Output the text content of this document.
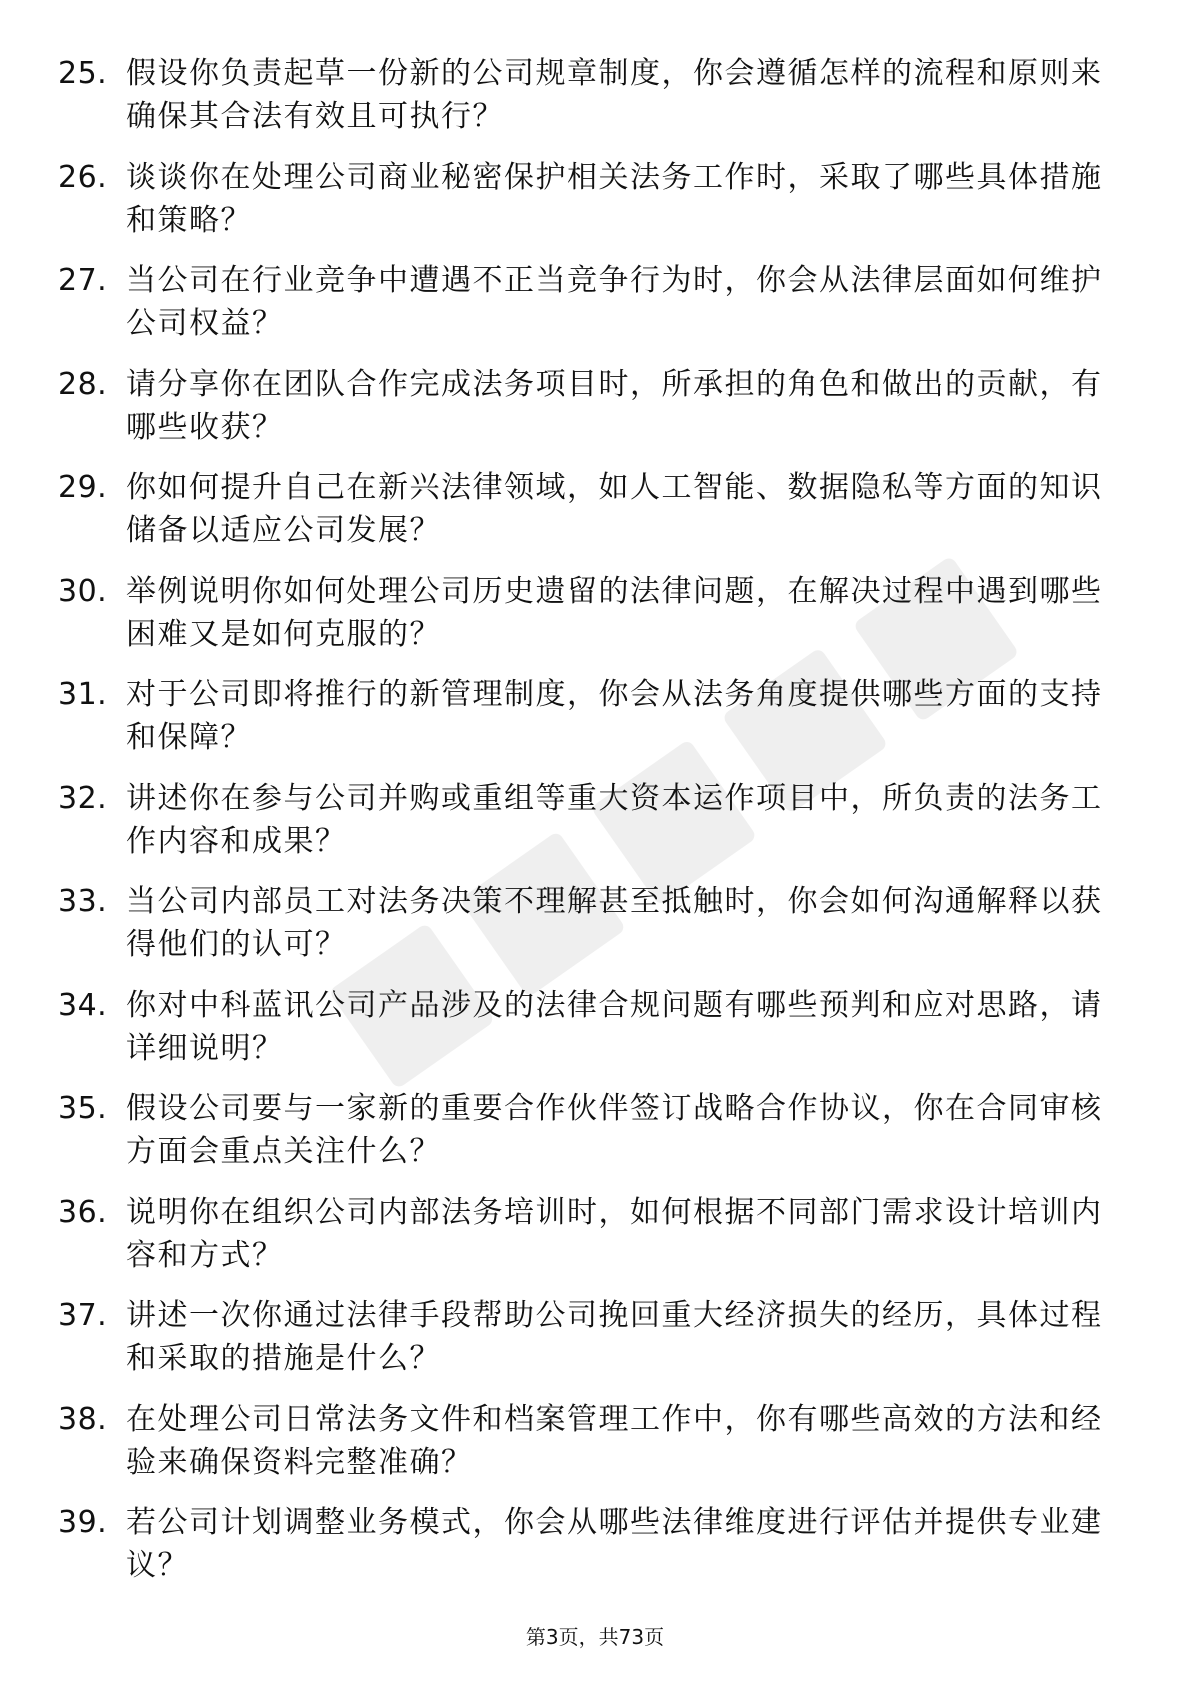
25. 假设你负责起草一份新的公司规章制度，你会遵循怎样的流程和原则来确保其合法有效且可执行？
26. 谈谈你在处理公司商业秘密保护相关法务工作时，采取了哪些具体措施和策略？
27. 当公司在行业竞争中遭遇不正当竞争行为时，你会从法律层面如何维护公司权益？
28. 请分享你在团队合作完成法务项目时，所承担的角色和做出的贡献，有哪些收获？
29. 你如何提升自己在新兴法律领域，如人工智能、数据隐私等方面的知识储备以适应公司发展？
30. 举例说明你如何处理公司历史遗留的法律问题，在解决过程中遇到哪些困难又是如何克服的？
31. 对于公司即将推行的新管理制度，你会从法务角度提供哪些方面的支持和保障？
32. 讲述你在参与公司并购或重组等重大资本运作项目中，所负责的法务工作内容和成果？
33. 当公司内部员工对法务决策不理解甚至抵触时，你会如何沟通解释以获得他们的认可？
34. 你对中科蓝讯公司产品涉及的法律合规问题有哪些预判和应对思路，请详细说明？
35. 假设公司要与一家新的重要合作伙伴签订战略合作协议，你在合同审核方面会重点关注什么？
36. 说明你在组织公司内部法务培训时，如何根据不同部门需求设计培训内容和方式？
37. 讲述一次你通过法律手段帮助公司挽回重大经济损失的经历，具体过程和采取的措施是什么？
38. 在处理公司日常法务文件和档案管理工作中，你有哪些高效的方法和经验来确保资料完整准确？
39. 若公司计划调整业务模式，你会从哪些法律维度进行评估并提供专业建议？
第3页，共73页
